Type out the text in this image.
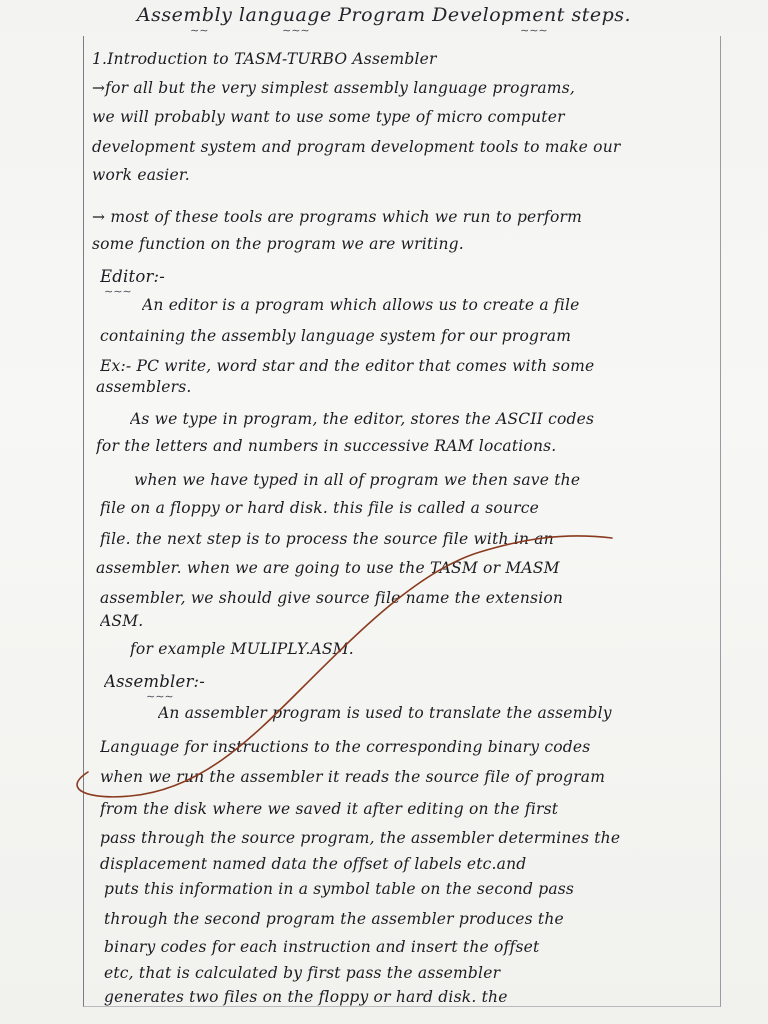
Assembly language Program Development steps.
∼∼	∼∼∼	∼∼∼
1.Introduction to TASM-TURBO Assembler
→for all but the very simplest assembly language programs,
we will probably want to use some type of micro computer
development system and program development tools to make our
work easier.
→ most of these tools are programs which we run to perform
some function on the program we are writing.
Editor:-
∼∼∼
An editor is a program which allows us to create a file
containing the assembly language system for our program
Ex:- PC write, word star and the editor that comes with some
assemblers.
As we type in program, the editor, stores the ASCII codes
for the letters and numbers in successive RAM locations.
when we have typed in all of program we then save the
file on a floppy or hard disk. this file is called a source
file. the next step is to process the source file with in an
assembler. when we are going to use the TASM or MASM
assembler, we should give source file name the extension
ASM.
for example MULIPLY.ASM.
Assembler:-
∼∼∼
An assembler program is used to translate the assembly
Language for instructions to the corresponding binary codes
when we run the assembler it reads the source file of program
from the disk where we saved it after editing on the first
pass through the source program, the assembler determines the
displacement named data the offset of labels etc.and
puts this information in a symbol table on the second pass
through the second program the assembler produces the
binary codes for each instruction and insert the offset
etc, that is calculated by first pass the assembler
generates two files on the floppy or hard disk. the
